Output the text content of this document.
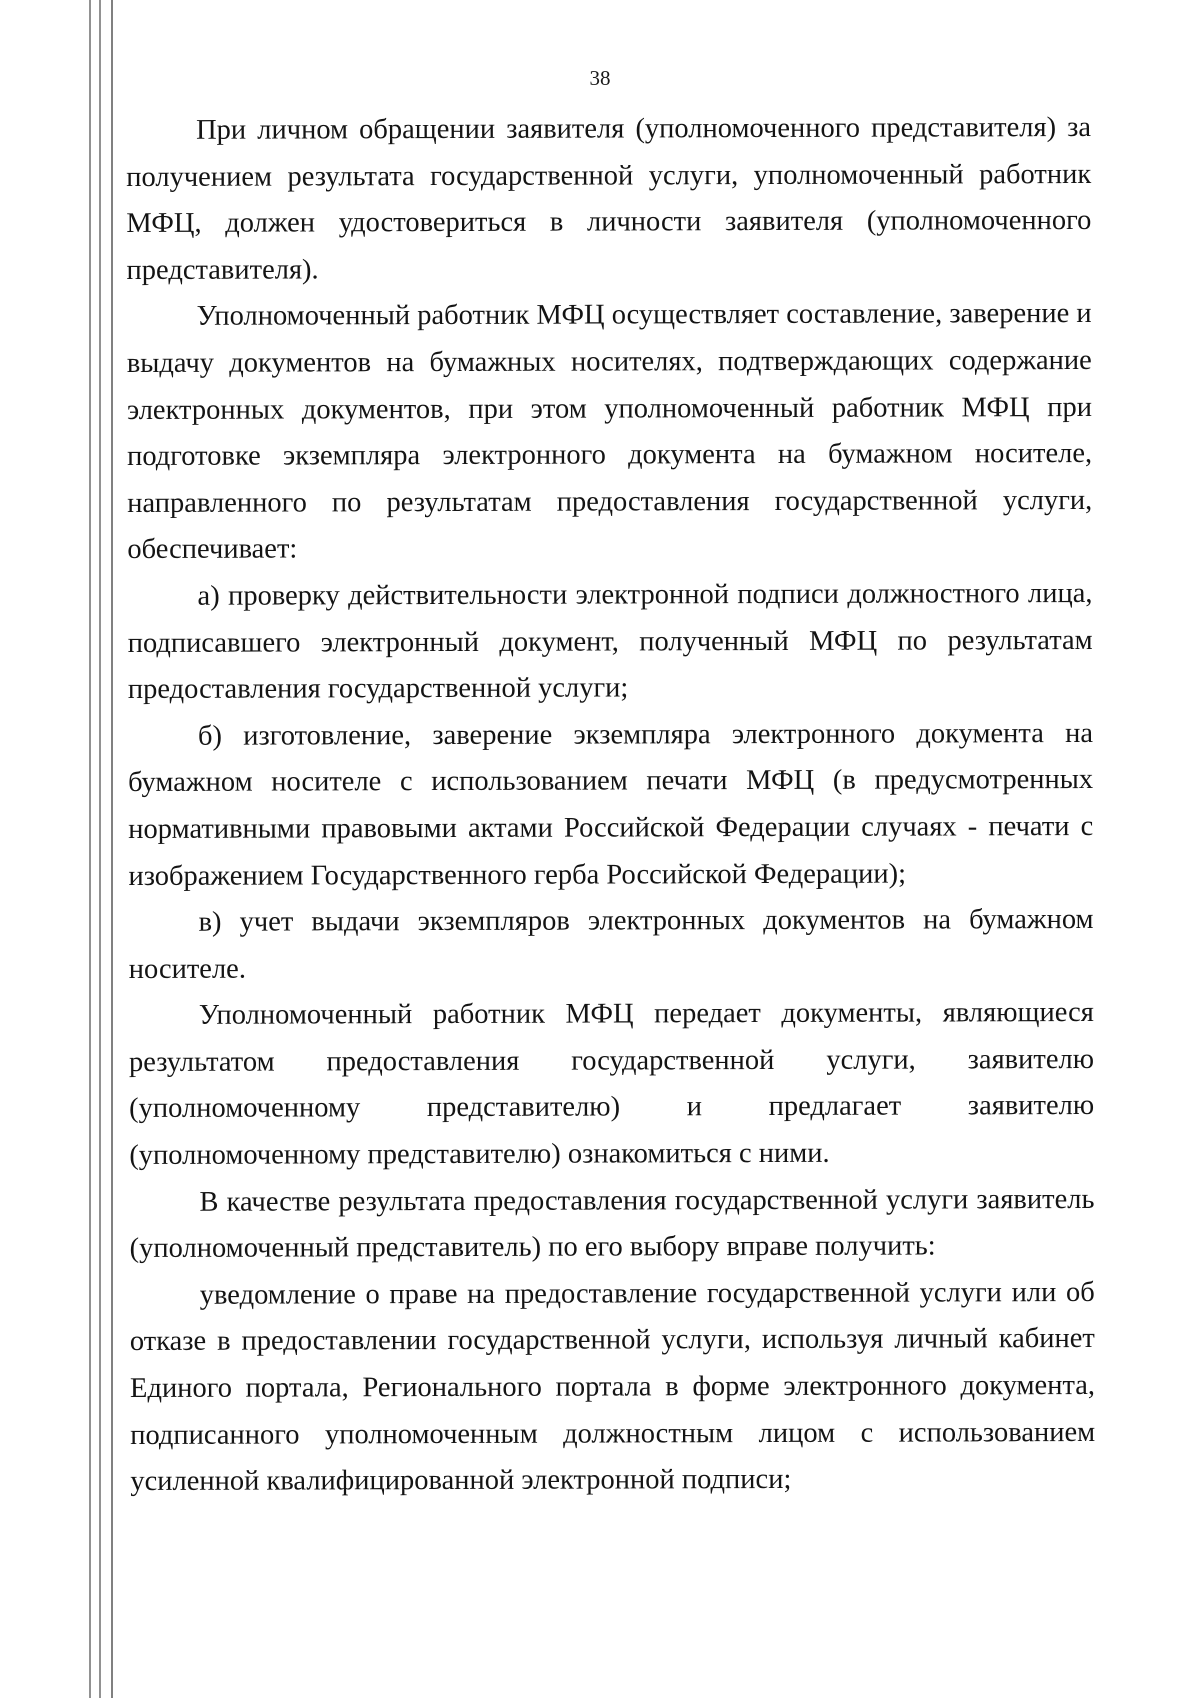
38

При личном обращении заявителя (уполномоченного представителя) за получением результата государственной услуги, уполномоченный работник МФЦ, должен удостовериться в личности заявителя (уполномоченного представителя).

Уполномоченный работник МФЦ осуществляет составление, заверение и выдачу документов на бумажных носителях, подтверждающих содержание электронных документов, при этом уполномоченный работник МФЦ при подготовке экземпляра электронного документа на бумажном носителе, направленного по результатам предоставления государственной услуги, обеспечивает:

а) проверку действительности электронной подписи должностного лица, подписавшего электронный документ, полученный МФЦ по результатам предоставления государственной услуги;

б) изготовление, заверение экземпляра электронного документа на бумажном носителе с использованием печати МФЦ (в предусмотренных нормативными правовыми актами Российской Федерации случаях - печати с изображением Государственного герба Российской Федерации);

в) учет выдачи экземпляров электронных документов на бумажном носителе.

Уполномоченный работник МФЦ передает документы, являющиеся результатом предоставления государственной услуги, заявителю (уполномоченному представителю) и предлагает заявителю (уполномоченному представителю) ознакомиться с ними.

В качестве результата предоставления государственной услуги заявитель (уполномоченный представитель) по его выбору вправе получить:

уведомление о праве на предоставление государственной услуги или об отказе в предоставлении государственной услуги, используя личный кабинет Единого портала, Регионального портала в форме электронного документа, подписанного уполномоченным должностным лицом с использованием усиленной квалифицированной электронной подписи;
